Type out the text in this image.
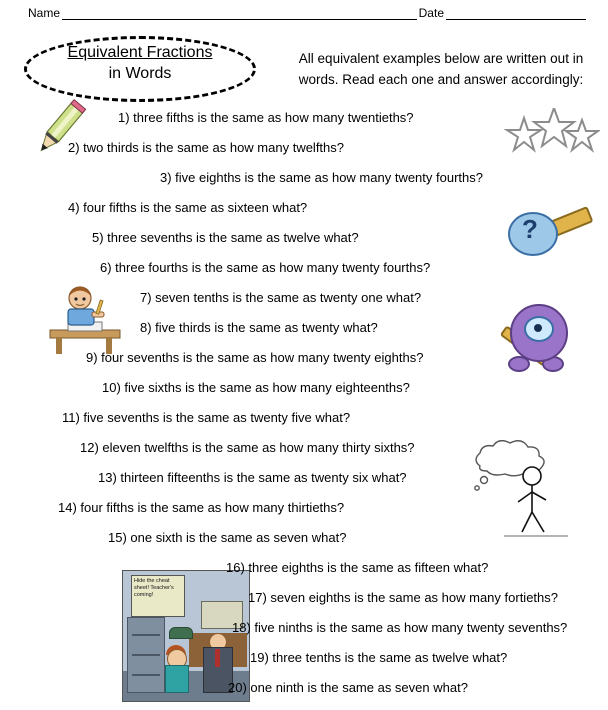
Name	Date
Equivalent Fractions
in Words
All equivalent examples below are written out in words. Read each one and answer accordingly:
?
Hide the cheat sheet! Teacher's coming!
1) three fifths is the same as how many twentieths?
2) two thirds is the same as how many twelfths?
3) five eighths is the same as how many twenty fourths?
4) four fifths is the same as sixteen what?
5) three sevenths is the same as twelve what?
6) three fourths is the same as how many twenty fourths?
7) seven tenths is the same as twenty one what?
8) five thirds is the same as twenty what?
9) four sevenths is the same as how many twenty eighths?
10) five sixths is the same as how many eighteenths?
11) five sevenths is the same as twenty five what?
12) eleven twelfths is the same as how many thirty sixths?
13) thirteen fifteenths is the same as twenty six what?
14) four fifths is the same as how many thirtieths?
15) one sixth is the same as seven what?
16) three eighths is the same as fifteen what?
17) seven eighths is the same as how many fortieths?
18) five ninths is the same as how many twenty sevenths?
19) three tenths is the same as twelve what?
20) one ninth is the same as seven what?
